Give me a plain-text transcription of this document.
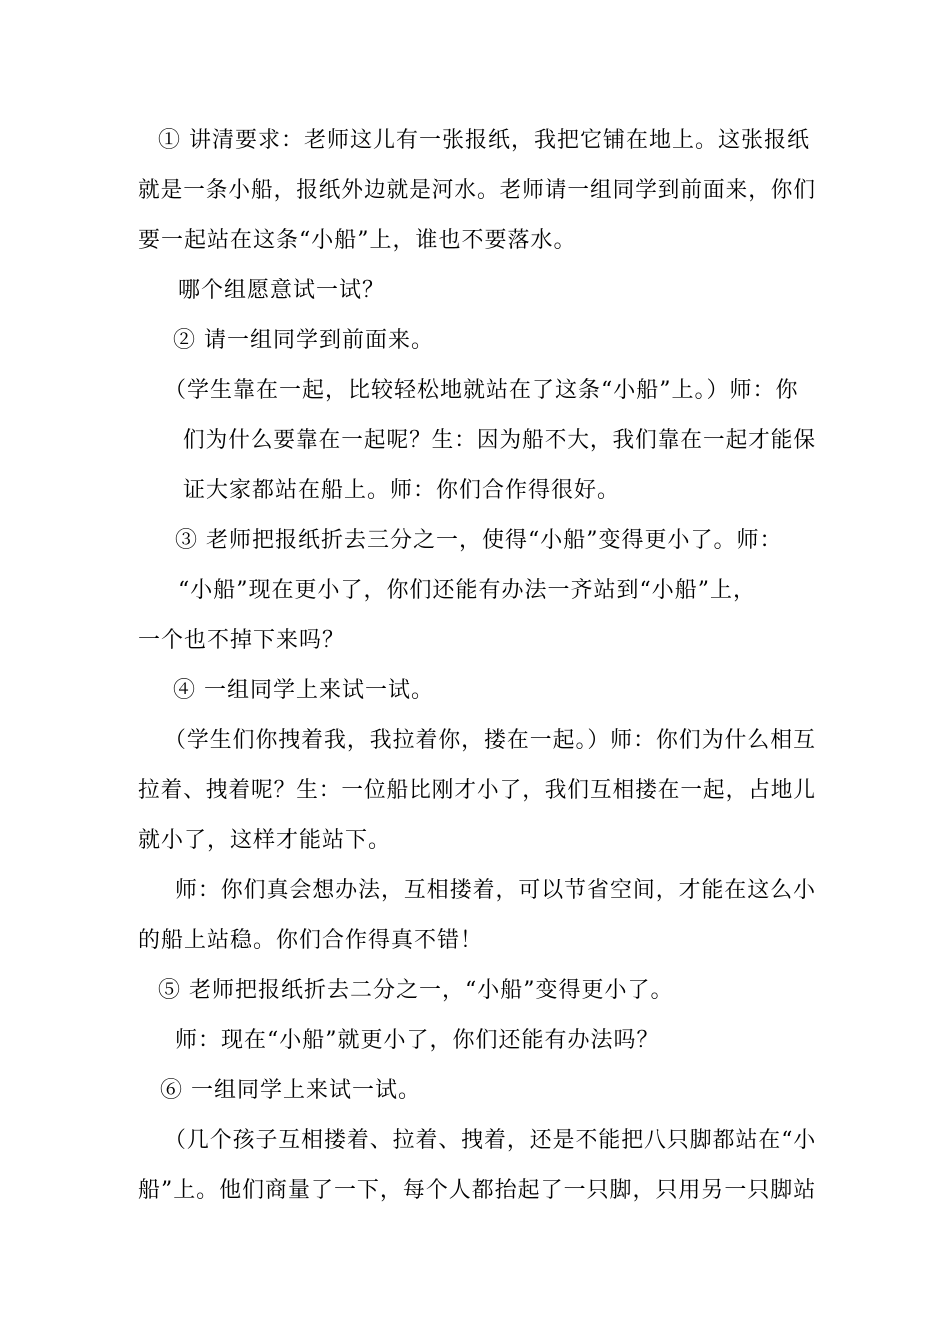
① 讲清要求：老师这儿有一张报纸，我把它铺在地上。这张报纸
就是一条小船，报纸外边就是河水。老师请一组同学到前面来，你们
要一起站在这条“小船”上，谁也不要落水。
哪个组愿意试一试？
② 请一组同学到前面来。
（学生靠在一起，比较轻松地就站在了这条“小船”上。）师：你
们为什么要靠在一起呢？生：因为船不大，我们靠在一起才能保
证大家都站在船上。师：你们合作得很好。
③ 老师把报纸折去三分之一，使得“小船”变得更小了。师：
“小船”现在更小了，你们还能有办法一齐站到“小船”上，
一个也不掉下来吗？
④ 一组同学上来试一试。
（学生们你拽着我，我拉着你，搂在一起。）师：你们为什么相互
拉着、拽着呢？生：一位船比刚才小了，我们互相搂在一起，占地儿
就小了，这样才能站下。
师：你们真会想办法，互相搂着，可以节省空间，才能在这么小
的船上站稳。你们合作得真不错！
⑤ 老师把报纸折去二分之一，“小船”变得更小了。
师：现在“小船”就更小了，你们还能有办法吗？
⑥ 一组同学上来试一试。
（几个孩子互相搂着、拉着、拽着，还是不能把八只脚都站在“小
船”上。他们商量了一下，每个人都抬起了一只脚，只用另一只脚站
